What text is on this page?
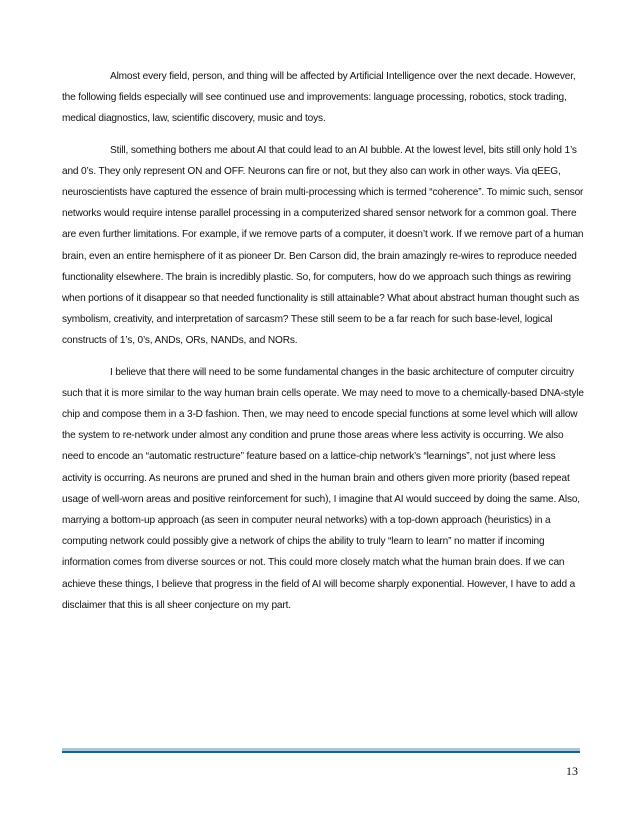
Almost every field, person, and thing will be affected by Artificial Intelligence over the next decade. However, the following fields especially will see continued use and improvements: language processing, robotics, stock trading, medical diagnostics, law, scientific discovery, music and toys.

Still, something bothers me about AI that could lead to an AI bubble. At the lowest level, bits still only hold 1’s and 0’s. They only represent ON and OFF. Neurons can fire or not, but they also can work in other ways. Via qEEG, neuroscientists have captured the essence of brain multi-processing which is termed “coherence”. To mimic such, sensor networks would require intense parallel processing in a computerized shared sensor network for a common goal. There are even further limitations. For example, if we remove parts of a computer, it doesn’t work. If we remove part of a human brain, even an entire hemisphere of it as pioneer Dr. Ben Carson did, the brain amazingly re-wires to reproduce needed functionality elsewhere. The brain is incredibly plastic. So, for computers, how do we approach such things as rewiring when portions of it disappear so that needed functionality is still attainable? What about abstract human thought such as symbolism, creativity, and interpretation of sarcasm? These still seem to be a far reach for such base-level, logical constructs of 1’s, 0’s, ANDs, ORs, NANDs, and NORs.

I believe that there will need to be some fundamental changes in the basic architecture of computer circuitry such that it is more similar to the way human brain cells operate. We may need to move to a chemically-based DNA-style chip and compose them in a 3-D fashion. Then, we may need to encode special functions at some level which will allow the system to re-network under almost any condition and prune those areas where less activity is occurring. We also need to encode an “automatic restructure” feature based on a lattice-chip network’s “learnings”, not just where less activity is occurring. As neurons are pruned and shed in the human brain and others given more priority (based repeat usage of well-worn areas and positive reinforcement for such), I imagine that AI would succeed by doing the same. Also, marrying a bottom-up approach (as seen in computer neural networks) with a top-down approach (heuristics) in a computing network could possibly give a network of chips the ability to truly “learn to learn” no matter if incoming information comes from diverse sources or not. This could more closely match what the human brain does. If we can achieve these things, I believe that progress in the field of AI will become sharply exponential. However, I have to add a disclaimer that this is all sheer conjecture on my part.

13
